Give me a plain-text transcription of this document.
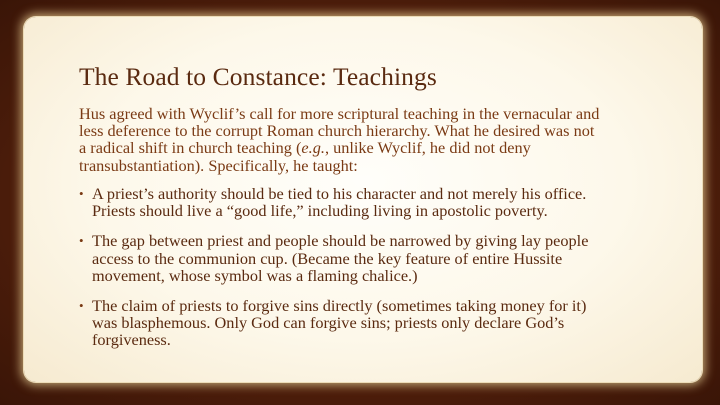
The Road to Constance: Teachings

Hus agreed with Wyclif’s call for more scriptural teaching in the vernacular and
less deference to the corrupt Roman church hierarchy. What he desired was not
a radical shift in church teaching (e.g., unlike Wyclif, he did not deny
transubstantiation). Specifically, he taught:

• A priest’s authority should be tied to his character and not merely his office.
Priests should live a “good life,” including living in apostolic poverty.
• The gap between priest and people should be narrowed by giving lay people
access to the communion cup. (Became the key feature of entire Hussite
movement, whose symbol was a flaming chalice.)
• The claim of priests to forgive sins directly (sometimes taking money for it)
was blasphemous. Only God can forgive sins; priests only declare God’s
forgiveness.
